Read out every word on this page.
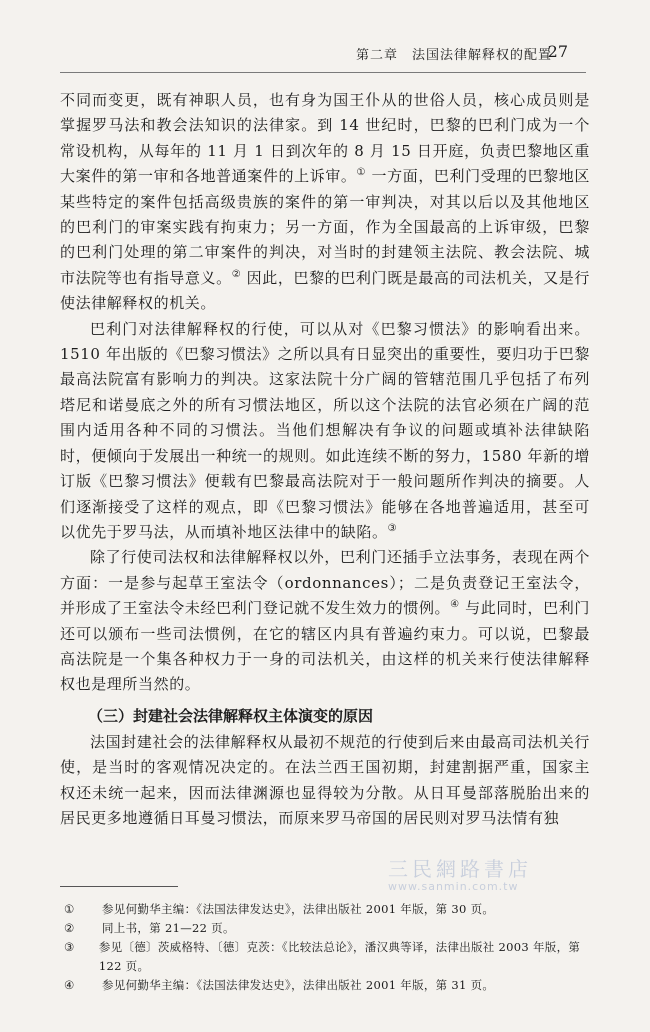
第二章　法国法律解释权的配置
27

不同而变更，既有神职人员，也有身为国王仆从的世俗人员，核心成员则是掌握罗马法和教会法知识的法律家。到 14 世纪时，巴黎的巴利门成为一个常设机构，从每年的 11 月 1 日到次年的 8 月 15 日开庭，负责巴黎地区重大案件的第一审和各地普通案件的上诉审。① 一方面，巴利门受理的巴黎地区某些特定的案件包括高级贵族的案件的第一审判决，对其以后以及其他地区的巴利门的审案实践有拘束力；另一方面，作为全国最高的上诉审级，巴黎的巴利门处理的第二审案件的判决，对当时的封建领主法院、教会法院、城市法院等也有指导意义。② 因此，巴黎的巴利门既是最高的司法机关，又是行使法律解释权的机关。

巴利门对法律解释权的行使，可以从对《巴黎习惯法》的影响看出来。1510 年出版的《巴黎习惯法》之所以具有日显突出的重要性，要归功于巴黎最高法院富有影响力的判决。这家法院十分广阔的管辖范围几乎包括了布列塔尼和诺曼底之外的所有习惯法地区，所以这个法院的法官必须在广阔的范围内适用各种不同的习惯法。当他们想解决有争议的问题或填补法律缺陷时，便倾向于发展出一种统一的规则。如此连续不断的努力，1580 年新的增订版《巴黎习惯法》便载有巴黎最高法院对于一般问题所作判决的摘要。人们逐渐接受了这样的观点，即《巴黎习惯法》能够在各地普遍适用，甚至可以优先于罗马法，从而填补地区法律中的缺陷。③

除了行使司法权和法律解释权以外，巴利门还插手立法事务，表现在两个方面：一是参与起草王室法令（ordonnances）；二是负责登记王室法令，并形成了王室法令未经巴利门登记就不发生效力的惯例。④ 与此同时，巴利门还可以颁布一些司法惯例，在它的辖区内具有普遍约束力。可以说，巴黎最高法院是一个集各种权力于一身的司法机关，由这样的机关来行使法律解释权也是理所当然的。

（三）封建社会法律解释权主体演变的原因

法国封建社会的法律解释权从最初不规范的行使到后来由最高司法机关行使，是当时的客观情况决定的。在法兰西王国初期，封建割据严重，国家主权还未统一起来，因而法律渊源也显得较为分散。从日耳曼部落脱胎出来的居民更多地遵循日耳曼习惯法，而原来罗马帝国的居民则对罗马法情有独

三民網路書店
www.sanmin.com.tw
①	参见何勤华主编：《法国法律发达史》，法律出版社 2001 年版，第 30 页。
②	同上书，第 21—22 页。
③	参见〔德〕茨威格特、〔德〕克茨：《比较法总论》，潘汉典等译，法律出版社 2003 年版，第 122 页。
④	参见何勤华主编：《法国法律发达史》，法律出版社 2001 年版，第 31 页。
